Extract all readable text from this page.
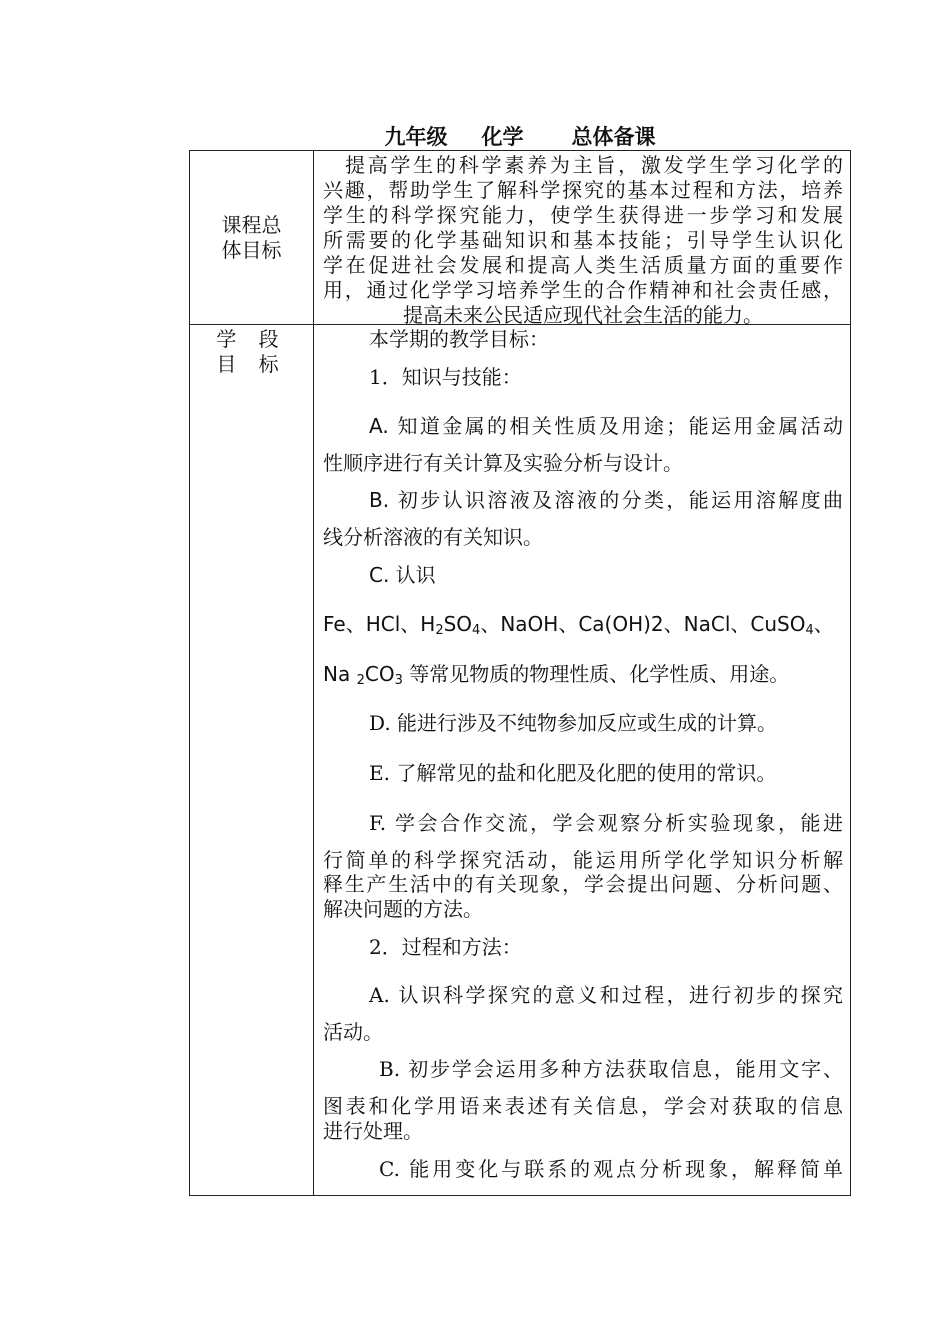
九年级 化学 总体备课
课程总
体目标
提高学生的科学素养为主旨，激发学生学习化学的
兴趣，帮助学生了解科学探究的基本过程和方法，培养
学生的科学探究能力，使学生获得进一步学习和发展
所需要的化学基础知识和基本技能；引导学生认识化
学在促进社会发展和提高人类生活质量方面的重要作
用，通过化学学习培养学生的合作精神和社会责任感，
提高未来公民适应现代社会生活的能力。
学 段
目 标
本学期的教学目标：
1．知识与技能：
A. 知道金属的相关性质及用途；能运用金属活动
性顺序进行有关计算及实验分析与设计。
B. 初步认识溶液及溶液的分类，能运用溶解度曲
线分析溶液的有关知识。
C. 认识
Fe、HCl、$H_2SO_4$、NaOH、Ca(OH)2、NaCl、CuSO$_4$、
Na $_2CO_3$ 等常见物质的物理性质、化学性质、用途。
D. 能进行涉及不纯物参加反应或生成的计算。
E. 了解常见的盐和化肥及化肥的使用的常识。
F. 学会合作交流，学会观察分析实验现象，能进
行简单的科学探究活动，能运用所学化学知识分析解
释生产生活中的有关现象，学会提出问题、分析问题、
解决问题的方法。
2．过程和方法：
A. 认识科学探究的意义和过程，进行初步的探究
活动。
B. 初步学会运用多种方法获取信息，能用文字、
图表和化学用语来表述有关信息，学会对获取的信息
进行处理。
C. 能用变化与联系的观点分析现象，解释简单
